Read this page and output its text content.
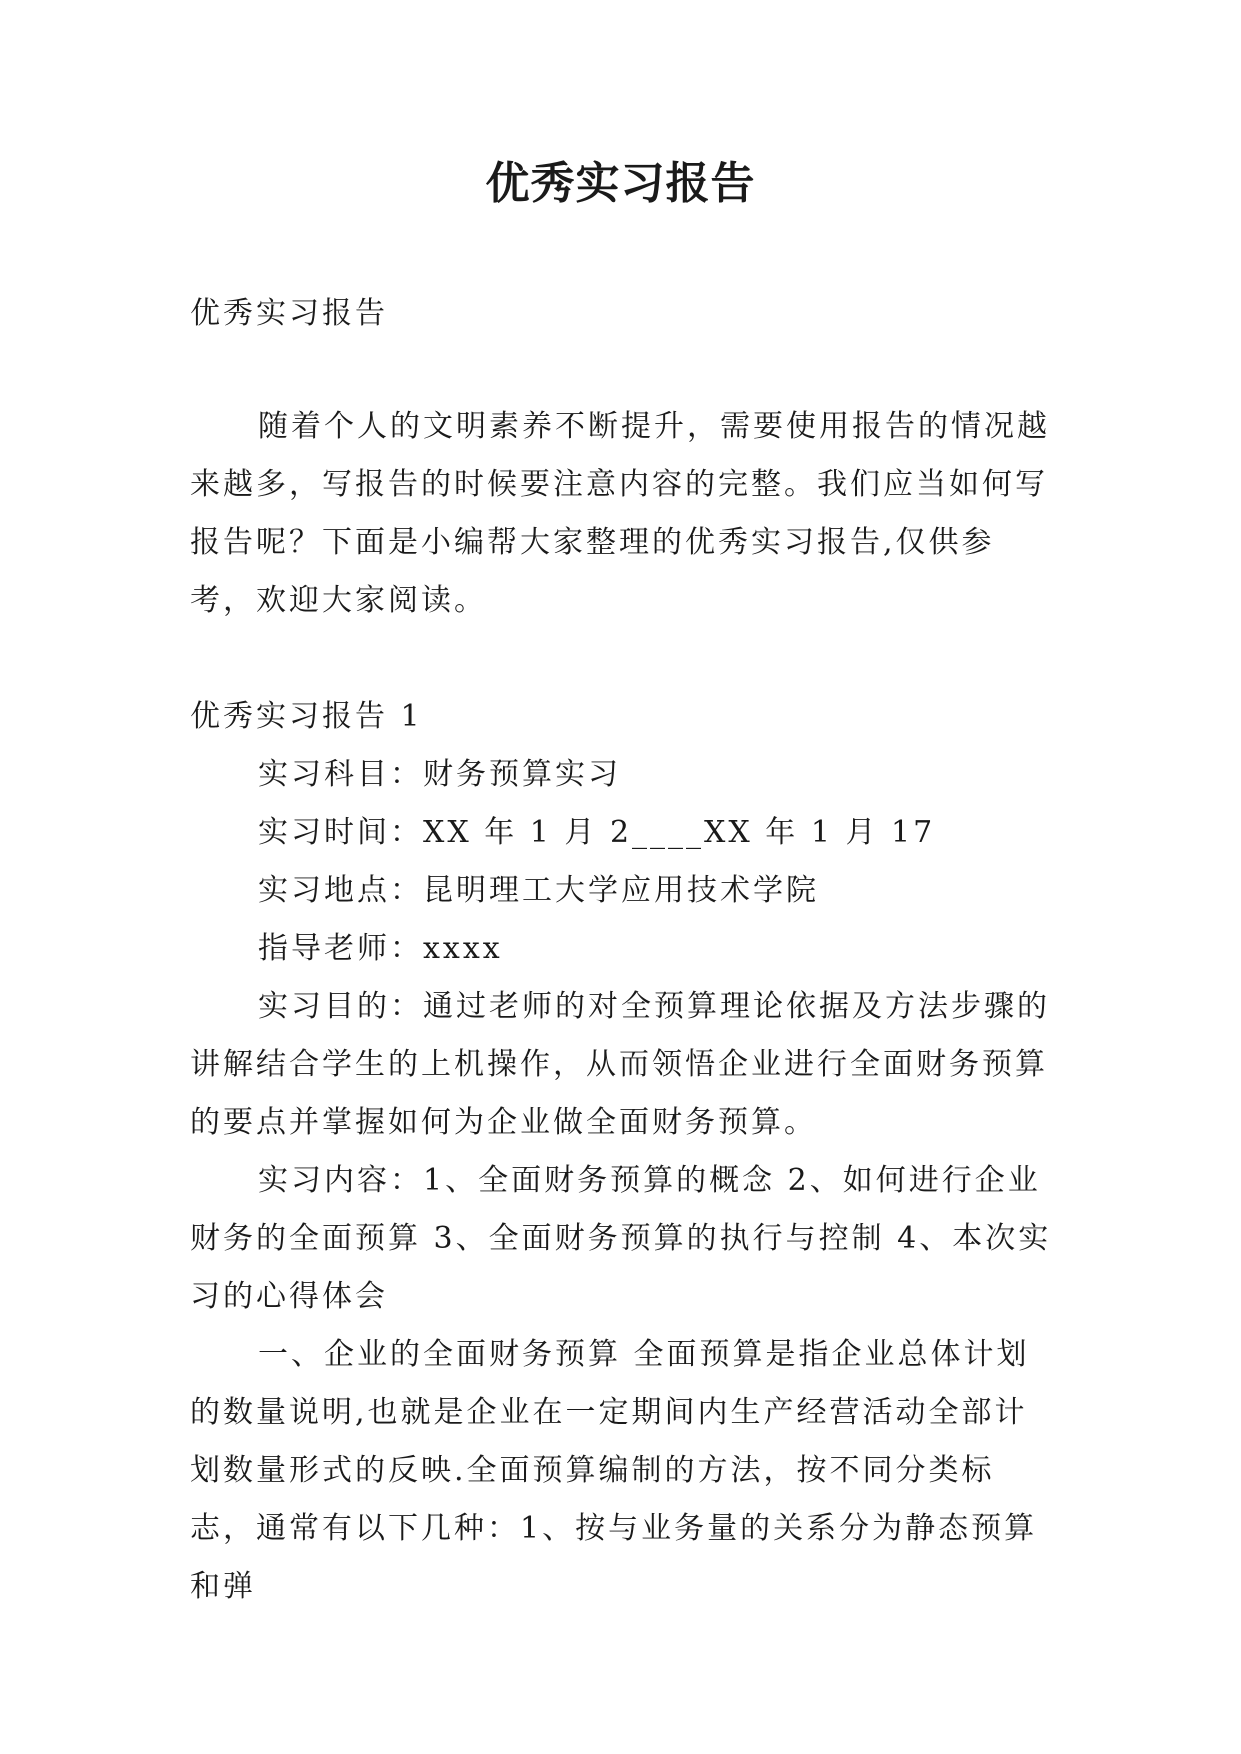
优秀实习报告

优秀实习报告

随着个人的文明素养不断提升，需要使用报告的情况越来越多，写报告的时候要注意内容的完整。我们应当如何写报告呢？下面是小编帮大家整理的优秀实习报告,仅供参考，欢迎大家阅读。

优秀实习报告 1

实习科目：财务预算实习

实习时间：XX 年 1 月 2____XX 年 1 月 17

实习地点：昆明理工大学应用技术学院

指导老师：xxxx

实习目的：通过老师的对全预算理论依据及方法步骤的讲解结合学生的上机操作，从而领悟企业进行全面财务预算的要点并掌握如何为企业做全面财务预算。

实习内容：1、全面财务预算的概念 2、如何进行企业财务的全面预算 3、全面财务预算的执行与控制 4、本次实习的心得体会

一、企业的全面财务预算 全面预算是指企业总体计划的数量说明,也就是企业在一定期间内生产经营活动全部计划数量形式的反映.全面预算编制的方法，按不同分类标志，通常有以下几种：1、按与业务量的关系分为静态预算和弹
